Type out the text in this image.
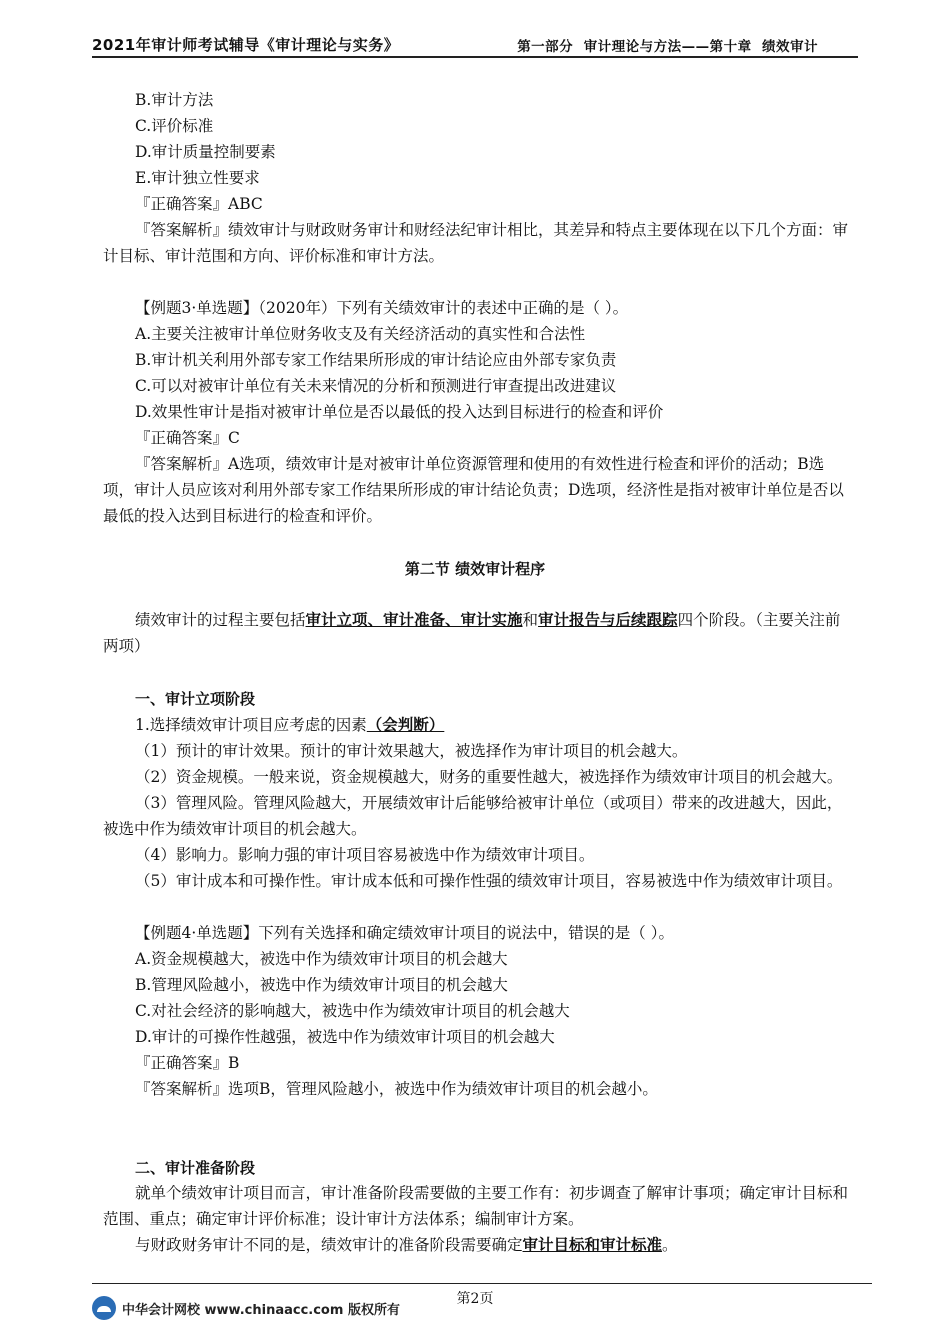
2021年审计师考试辅导《审计理论与实务》	第一部分  审计理论与方法——第十章  绩效审计
B.审计方法
C.评价标准
D.审计质量控制要素
E.审计独立性要求
『正确答案』ABC
『答案解析』绩效审计与财政财务审计和财经法纪审计相比，其差异和特点主要体现在以下几个方面：审计目标、审计范围和方向、评价标准和审计方法。
【例题3·单选题】（2020年）下列有关绩效审计的表述中正确的是（ ）。
A.主要关注被审计单位财务收支及有关经济活动的真实性和合法性
B.审计机关利用外部专家工作结果所形成的审计结论应由外部专家负责
C.可以对被审计单位有关未来情况的分析和预测进行审查提出改进建议
D.效果性审计是指对被审计单位是否以最低的投入达到目标进行的检查和评价
『正确答案』C
『答案解析』A选项，绩效审计是对被审计单位资源管理和使用的有效性进行检查和评价的活动；B选项，审计人员应该对利用外部专家工作结果所形成的审计结论负责；D选项，经济性是指对被审计单位是否以最低的投入达到目标进行的检查和评价。
第二节 绩效审计程序
绩效审计的过程主要包括审计立项、审计准备、审计实施和审计报告与后续跟踪四个阶段。（主要关注前两项）
一、审计立项阶段
1.选择绩效审计项目应考虑的因素（会判断）
（1）预计的审计效果。预计的审计效果越大，被选择作为审计项目的机会越大。
（2）资金规模。一般来说，资金规模越大，财务的重要性越大，被选择作为绩效审计项目的机会越大。
（3）管理风险。管理风险越大，开展绩效审计后能够给被审计单位（或项目）带来的改进越大，因此，被选中作为绩效审计项目的机会越大。
（4）影响力。影响力强的审计项目容易被选中作为绩效审计项目。
（5）审计成本和可操作性。审计成本低和可操作性强的绩效审计项目，容易被选中作为绩效审计项目。
【例题4·单选题】下列有关选择和确定绩效审计项目的说法中，错误的是（ ）。
A.资金规模越大，被选中作为绩效审计项目的机会越大
B.管理风险越小，被选中作为绩效审计项目的机会越大
C.对社会经济的影响越大，被选中作为绩效审计项目的机会越大
D.审计的可操作性越强，被选中作为绩效审计项目的机会越大
『正确答案』B
『答案解析』选项B，管理风险越小，被选中作为绩效审计项目的机会越小。
二、审计准备阶段
就单个绩效审计项目而言，审计准备阶段需要做的主要工作有：初步调查了解审计事项；确定审计目标和范围、重点；确定审计评价标准；设计审计方法体系；编制审计方案。
与财政财务审计不同的是，绩效审计的准备阶段需要确定审计目标和审计标准。
第2页
中华会计网校 www.chinaacc.com 版权所有
